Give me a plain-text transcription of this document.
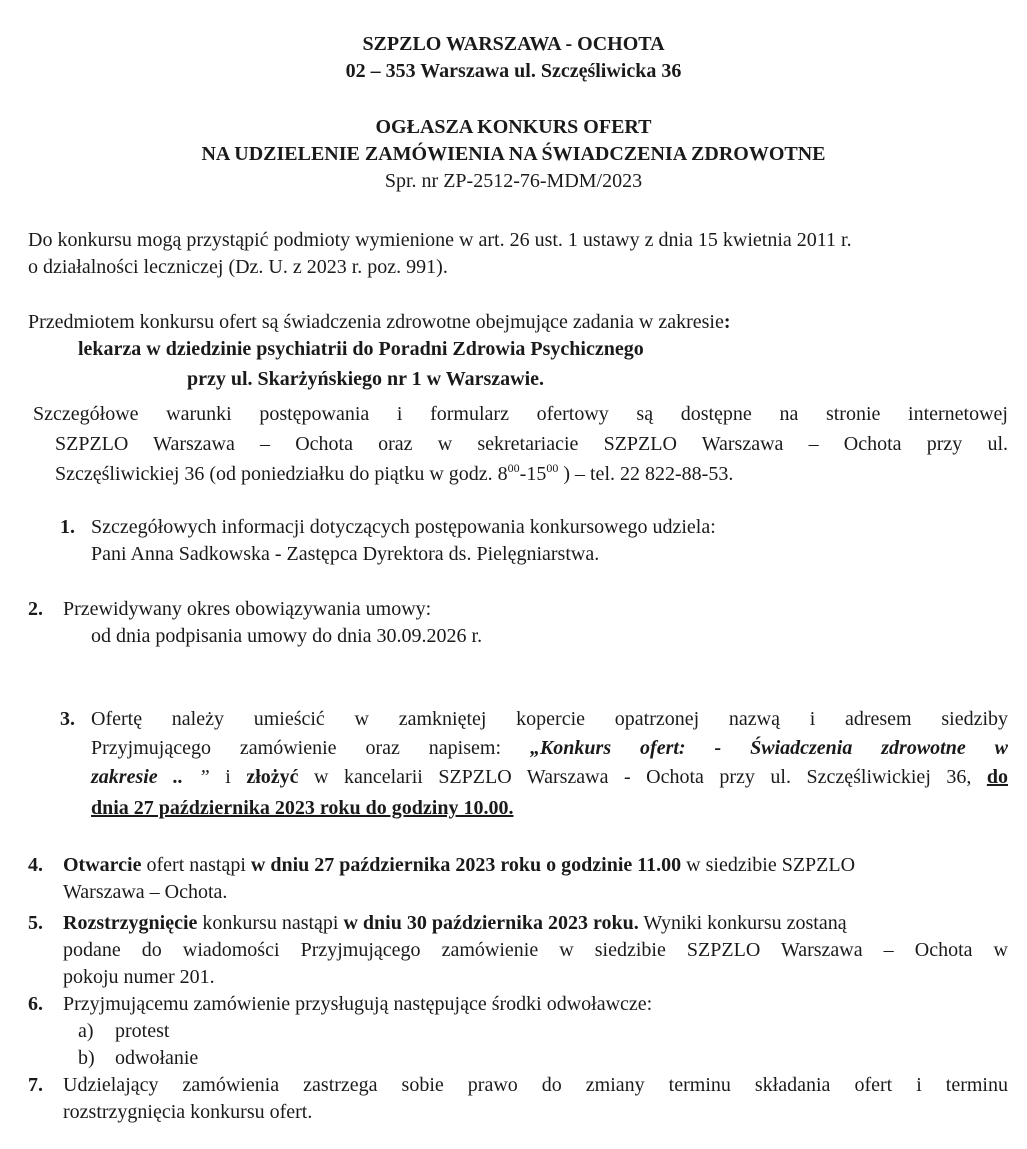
SZPZLO WARSZAWA - OCHOTA
02 – 353 Warszawa ul. Szczęśliwicka 36
OGŁASZA KONKURS OFERT
NA UDZIELENIE ZAMÓWIENIA NA ŚWIADCZENIA ZDROWOTNE
Spr. nr ZP-2512-76-MDM/2023
Do konkursu mogą przystąpić podmioty wymienione w art. 26 ust. 1 ustawy z dnia 15 kwietnia 2011 r.
o działalności leczniczej (Dz. U. z 2023 r. poz. 991).
Przedmiotem konkursu ofert są świadczenia zdrowotne obejmujące zadania w zakresie:
lekarza w dziedzinie psychiatrii do Poradni Zdrowia Psychicznego
przy ul. Skarżyńskiego nr 1 w Warszawie.
Szczegółowe warunki postępowania i formularz ofertowy są dostępne na stronie internetowej
SZPZLO Warszawa – Ochota oraz w sekretariacie SZPZLO Warszawa – Ochota przy ul.
Szczęśliwickiej 36 (od poniedziałku do piątku w godz. $8^{00}-15^{00}$ ) – tel. 22 822-88-53.
1. Szczegółowych informacji dotyczących postępowania konkursowego udziela:
Pani Anna Sadkowska - Zastępca Dyrektora ds. Pielęgniarstwa.
2. Przewidywany okres obowiązywania umowy:
od dnia podpisania umowy do dnia 30.09.2026 r.
3. Ofertę należy umieścić w zamkniętej kopercie opatrzonej nazwą i adresem siedziby
Przyjmującego zamówienie oraz napisem: „Konkurs ofert: - Świadczenia zdrowotne w
zakresie .. ” i złożyć w kancelarii SZPZLO Warszawa - Ochota przy ul. Szczęśliwickiej 36, do
dnia 27 października 2023 roku do godziny 10.00.
4. Otwarcie ofert nastąpi w dniu 27 października 2023 roku o godzinie 11.00 w siedzibie SZPZLO
Warszawa – Ochota.
5. Rozstrzygnięcie konkursu nastąpi w dniu 30 października 2023 roku. Wyniki konkursu zostaną
podane do wiadomości Przyjmującego zamówienie w siedzibie SZPZLO Warszawa – Ochota w
pokoju numer 201.
6. Przyjmującemu zamówienie przysługują następujące środki odwoławcze:
a) protest
b) odwołanie
7. Udzielający zamówienia zastrzega sobie prawo do zmiany terminu składania ofert i terminu
rozstrzygnięcia konkursu ofert.
